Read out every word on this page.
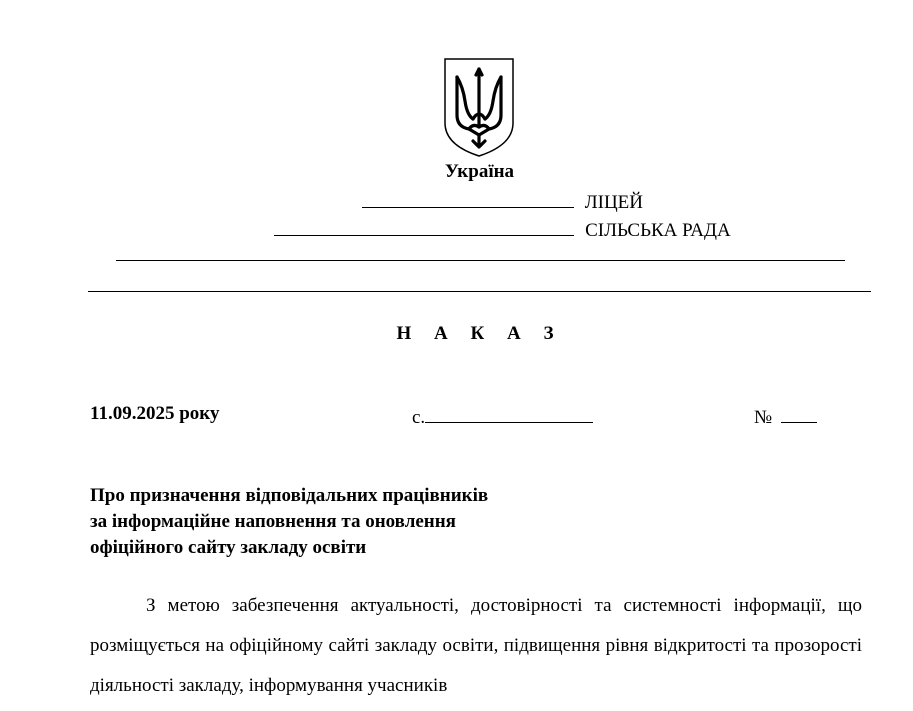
Україна
ЛІЦЕЙ
СІЛЬСЬКА РАДА
Н А К А З
11.09.2025 року	с.	№
Про призначення відповідальних працівників
за інформаційне наповнення та оновлення
офіційного сайту закладу освіти
З метою забезпечення актуальності, достовірності та системності інформації, що розміщується на офіційному сайті закладу освіти, підвищення рівня відкритості та прозорості діяльності закладу, інформування учасників
